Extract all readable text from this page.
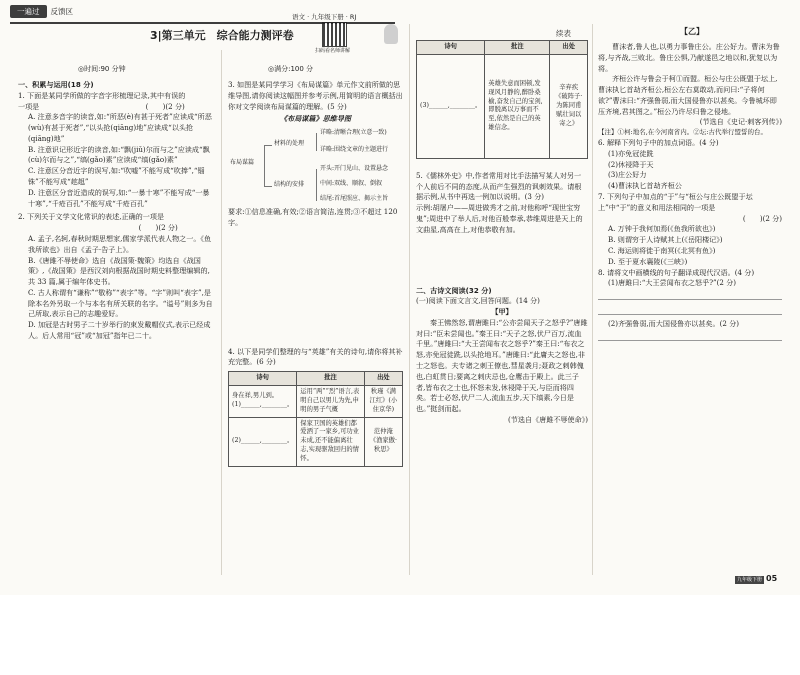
一遍过	反馈区
语文 · 九年级下册 · RJ
3|第三单元　综合能力测评卷
扫码看名师讲解
◎时间:90 分钟	◎满分:100 分
续表	【乙】

一、积累与运用(18 分)

1. 下面是某同学所做的字音字形梳理记录,其中有误的

一项是　　　　　　　　　　　　　　　(　　)(2 分)

A. 注意多音字的读音,如:“所恶(è)有甚于死者”应读成“所恶(wù)有甚于死者”,“以头抢(qiāng)地”应读成“以头抢(qiāng)地”

B. 注意识记形近字的读音,如:“飘(jiǔ)尔而与之”应读成“飘(cù)尔而与之”,“缟(gǎo)素”应读成“缟(gǎo)素”

C. 注意区分音近字的误写,如:“吹嘘”不能写成“吹捧”,“锱铢”不能写成“趑趄”

D. 注意区分音近造成的误写,如:“一暴十寒”不能写成“一暴十寒”,“千疮百孔”不能写成“千疮百孔”

2. 下列关于文学文化常识的表述,正确的一项是

　　　　　　　　　　　　　　　　　(　　)(2 分)

A. 孟子,名轲,春秋时期思想家,儒家学派代表人物之一。《鱼我所欲也》出自《孟子·告子上》。

B.《唐雎不辱使命》选自《战国策·魏策》均选自《战国策》,《战国策》是西汉刘向根据战国时期史料整理编辑的,共 33 篇,属于编年体史书。

C. 古人称谓有“谦称”“敬称”“表字”等。“字”则叫“表字”,是除本名外另取一个与本名有所关联的名字。“谥号”则多为自己所取,表示自己的志趣爱好。

D. 加冠是古时男子二十岁举行的束发戴帽仪式,表示已经成人。后人常用“冠”或“加冠”指年已二十。

3. 如图是某同学学习《布局谋篇》单元作文前所做的思维导图,请你阅读这幅图并参考示例,用简明的语言概括出你对文学阅读布局谋篇的理解。(5 分)

《布局谋篇》思维导图

布局谋篇
材料的处理
结构的安排
详略:清晰合理(立意一致)
详略:围绕文章的主题进行
开头:开门见山、设置悬念
中间:双线、顺叙、倒叙
结尾:首尾照应、揭示主旨

要求:①信息准确,有效;②语言简洁,连贯;③不超过 120 字。

4. 以下是同学们整理的与“英雄”有关的诗句,请你将其补充完整。(6 分)

诗句	批注	出处
身在祥,男儿到。(1)______,________。	运用“两”“烈”语言,表明自己以男儿为先,申明的男子气概	秋瑾《满江红》(小住京华)
(2)______,________。	保家卫国的英雄们都爱洒了一家乡,可功业未成,还不能偏离壮志,实现驱敌回归的情怀。	范仲淹《渔家傲·秋思》
诗句	批注	出处
(3)______,________。	英雄失意而困顿,发现风月静的,醉卧桑榆,奋发自己的宝剑,即脱离以万事而不至,依然是自己的英雄信念。	辛弃疾《破阵子·为陈同甫赋壮词以寄之》

5.《儒林外史》中,作者常用对比手法描写某人对另一个人前后不同的态度,从而产生强烈的讽刺效果。请根据示例,从书中再选一例加以说明。(3 分)

示例:胡屠户——周进做秀才之前,对他称呼“现世宝穷鬼”;周进中了举人后,对他百般奉承,恭维周进是天上的文曲星,高高在上,对他恭敬有加。

二、古诗文阅读(32 分)

(一)阅读下面文言文,回答问题。(14 分)

【甲】

秦王怫然怒,谓唐雎曰:“公亦尝闻天子之怒乎?”唐雎对曰:“臣未尝闻也。”秦王曰:“天子之怒,伏尸百万,流血千里。”唐雎曰:“大王尝闻布衣之怒乎?”秦王曰:“布衣之怒,亦免冠徒跣,以头抢地耳。”唐雎曰:“此庸夫之怒也,非士之怒也。夫专诸之刺王僚也,彗星袭月;聂政之刺韩傀也,白虹贯日;要离之刺庆忌也,仓鹰击于殿上。此三子者,皆布衣之士也,怀怒未发,休祲降于天,与臣而将四矣。若士必怒,伏尸二人,流血五步,天下缟素,今日是也。”挺剑而起。

(节选自《唐雎不辱使命》)

曹沫者,鲁人也,以勇力事鲁庄公。庄公好力。曹沫为鲁将,与齐战,三败北。鲁庄公惧,乃献遂邑之地以和,犹复以为将。

齐桓公许与鲁会于柯①而盟。桓公与庄公既盟于坛上,曹沫执匕首劫齐桓公,桓公左右莫敢动,而问曰:“子将何欲?”曹沫曰:“齐强鲁弱,而大国侵鲁亦以甚矣。今鲁城坏即压齐境,君其图之。”桓公乃许尽归鲁之侵地。

(节选自《史记·刺客列传》)

【注】①柯:地名,在今河南省内。②坛:古代举行盟誓的台。

6. 解释下列句子中的加点词语。(4 分)

(1)亦免冠徒跣

(2)休祲降于天

(3)庄公好力

(4)曹沫执匕首劫齐桓公

7. 下列句子中加点的“于”与“桓公与庄公既盟于坛上”中“于”的意义和用法相同的一项是

(　　)(2 分)

A. 万钟于我何加焉(《鱼我所欲也》)

B. 则谓穷于人诗赋其上(《岳阳楼记》)

C. 海运则将徙于南冥(《北冥有鱼》)

D. 至于夏水襄陵(《三峡》)

8. 请将文中画横线的句子翻译成现代汉语。(4 分)

(1)唐雎曰:“大王尝闻布衣之怒乎?”(2 分)

(2)齐强鲁弱,而大国侵鲁亦以甚矣。(2 分)

九年级下册 05
